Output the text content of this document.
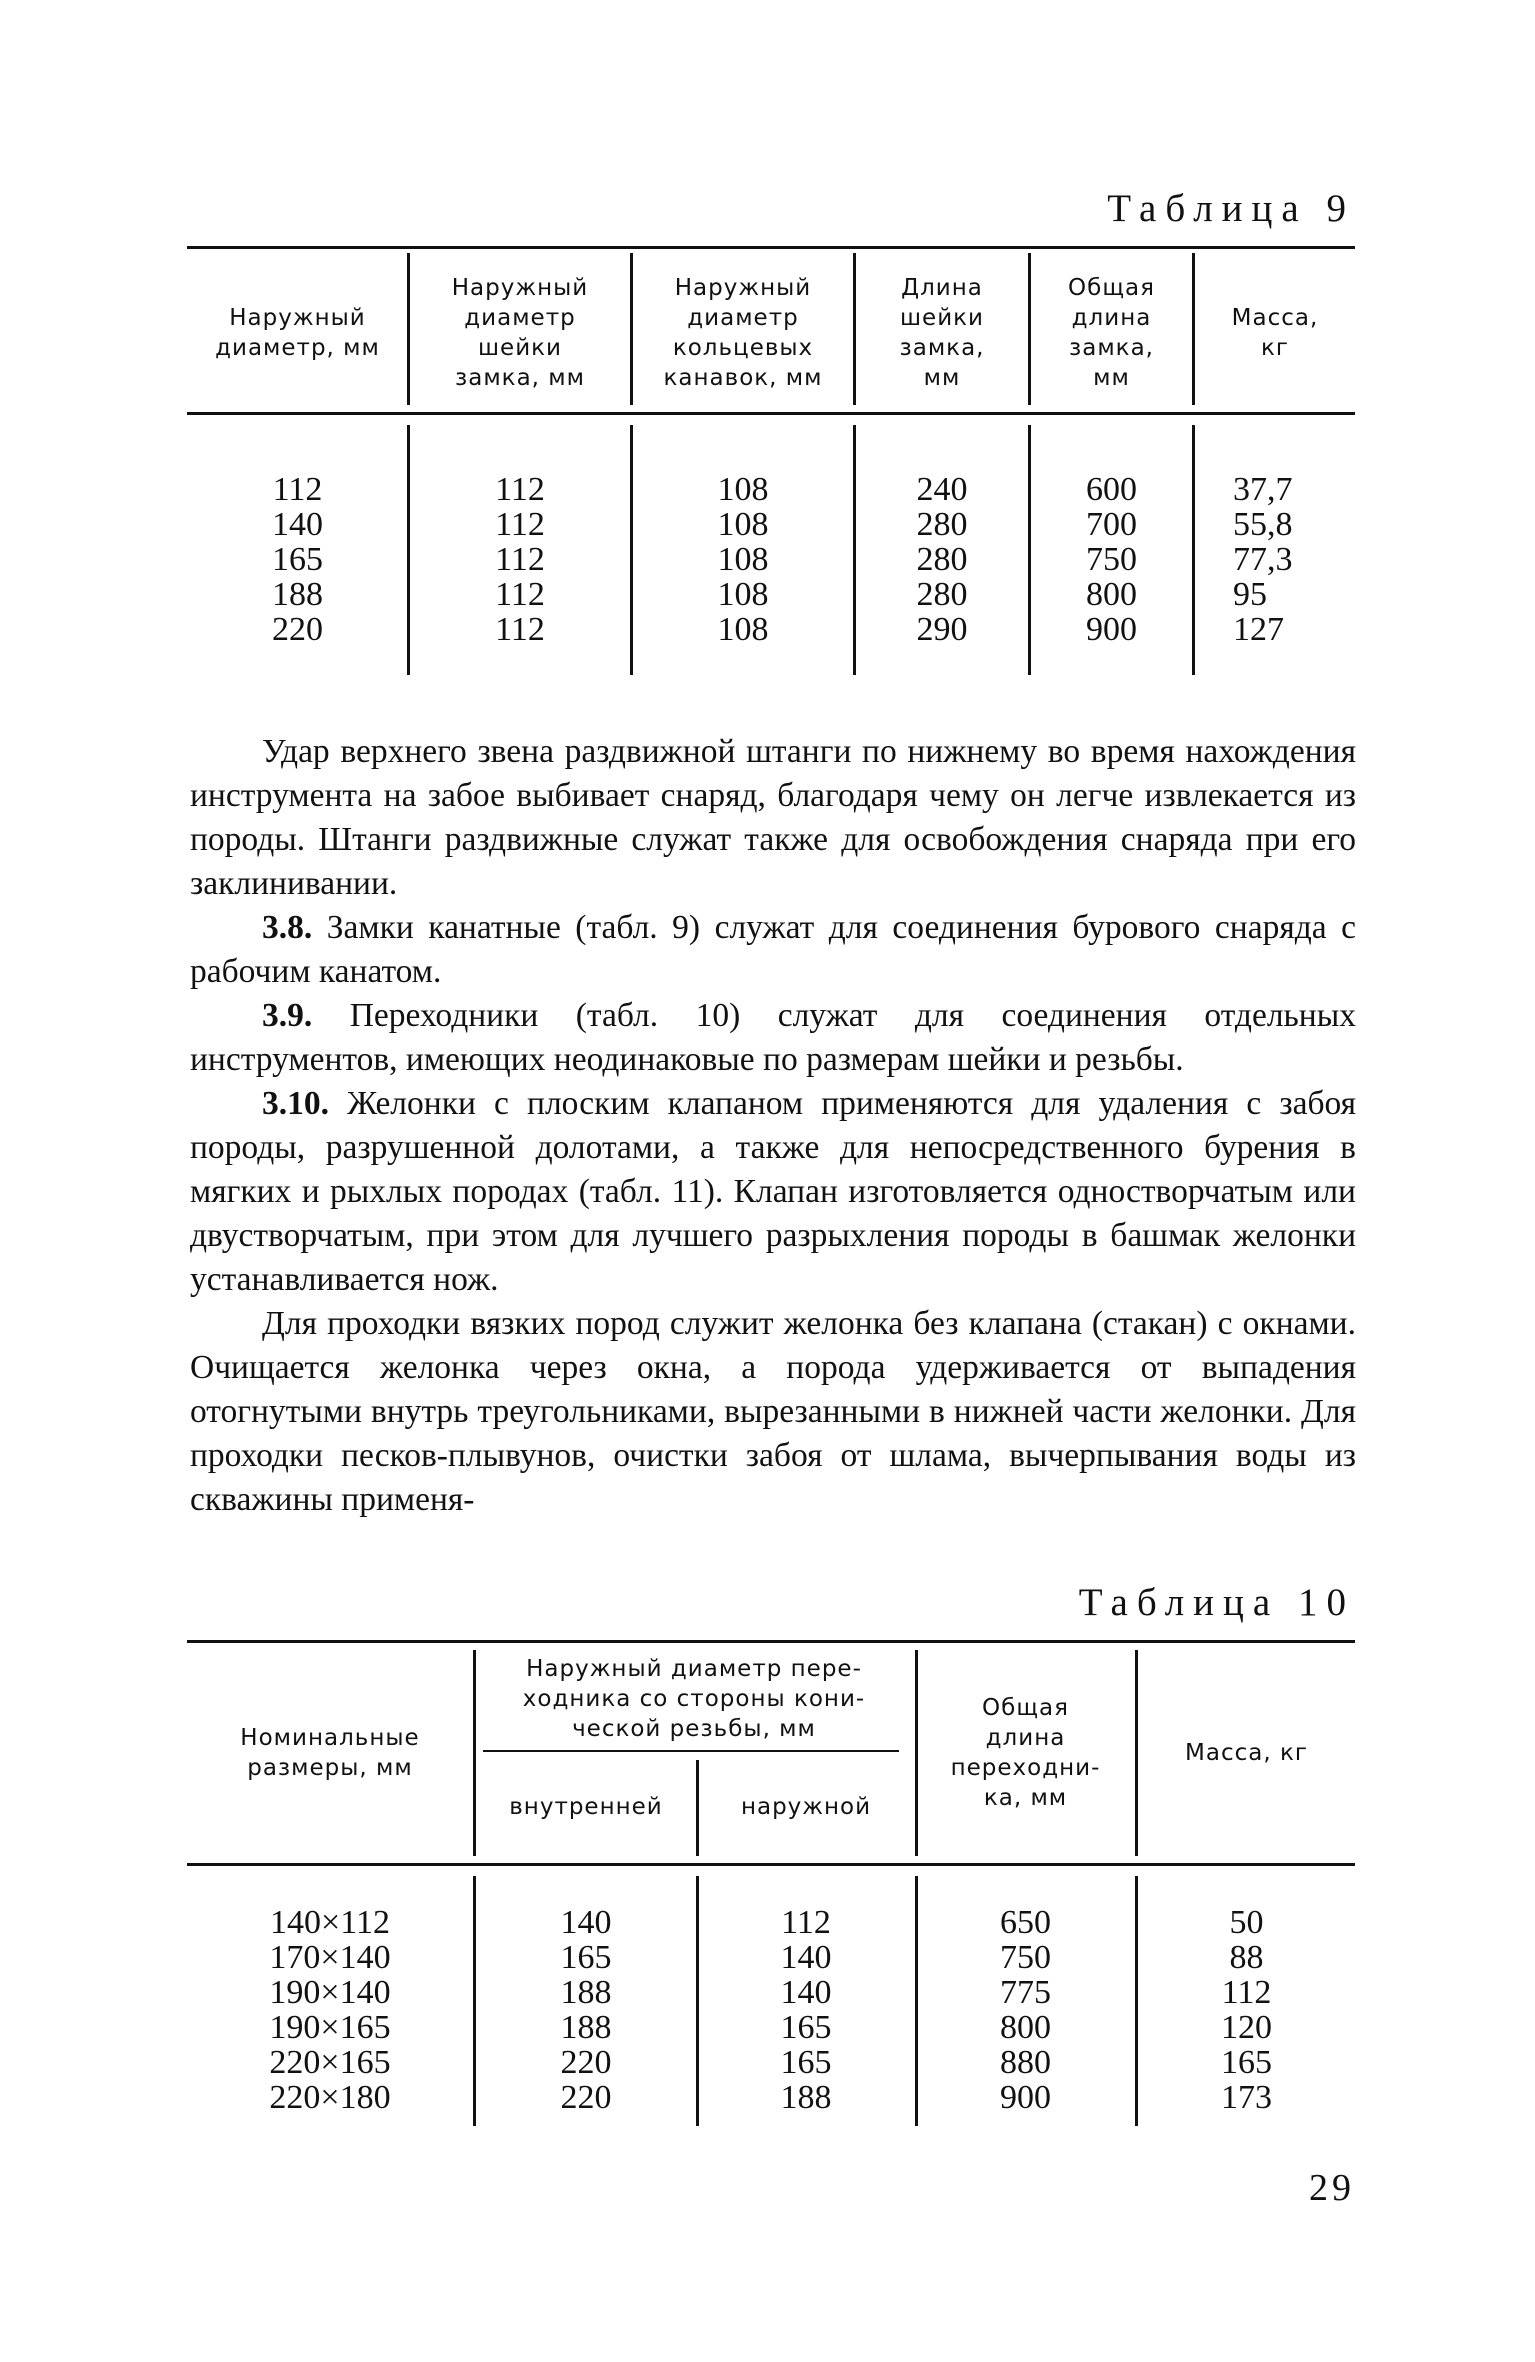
Таблица 9
Наружный
диаметр, мм
Наружный
диаметр
шейки
замка, мм
Наружный
диаметр
кольцевых
канавок, мм
Длина
шейки
замка,
мм
Общая
длина
замка,
мм
Масса,
кг
112
140
165
188
220
112
112
112
112
112
108
108
108
108
108
240
280
280
280
290
600
700
750
800
900
37,7
55,8
77,3
95
127

Удар верхнего звена раздвижной штанги по нижнему во время нахождения инструмента на забое выбивает снаряд, благодаря чему он легче извлекается из породы. Штанги раздвижные служат также для освобождения снаряда при его заклинивании.

3.8. Замки канатные (табл. 9) служат для соединения бурового снаряда с рабочим канатом.

3.9. Переходники (табл. 10) служат для соединения отдельных инструментов, имеющих неодинаковые по размерам шейки и резьбы.

3.10. Желонки с плоским клапаном применяются для удаления с забоя породы, разрушенной долотами, а также для непосредственного бурения в мягких и рыхлых породах (табл. 11). Клапан изготовляется одностворчатым или двустворчатым, при этом для лучшего разрыхления породы в башмак желонки устанавливается нож.

Для проходки вязких пород служит желонка без клапана (стакан) с окнами. Очищается желонка через окна, а порода удерживается от выпадения отогнутыми внутрь треугольниками, вырезанными в нижней части желонки. Для проходки песков-плывунов, очистки забоя от шлама, вычерпывания воды из скважины применя-

Таблица 10
Номинальные
размеры, мм
Наружный диаметр пере-
ходника со стороны кони-
ческой резьбы, мм
внутренней	наружной
Общая
длина
переходни-
ка, мм
Масса, кг
140×112
170×140
190×140
190×165
220×165
220×180
140
165
188
188
220
220
112
140
140
165
165
188
650
750
775
800
880
900
50
88
112
120
165
173
29
